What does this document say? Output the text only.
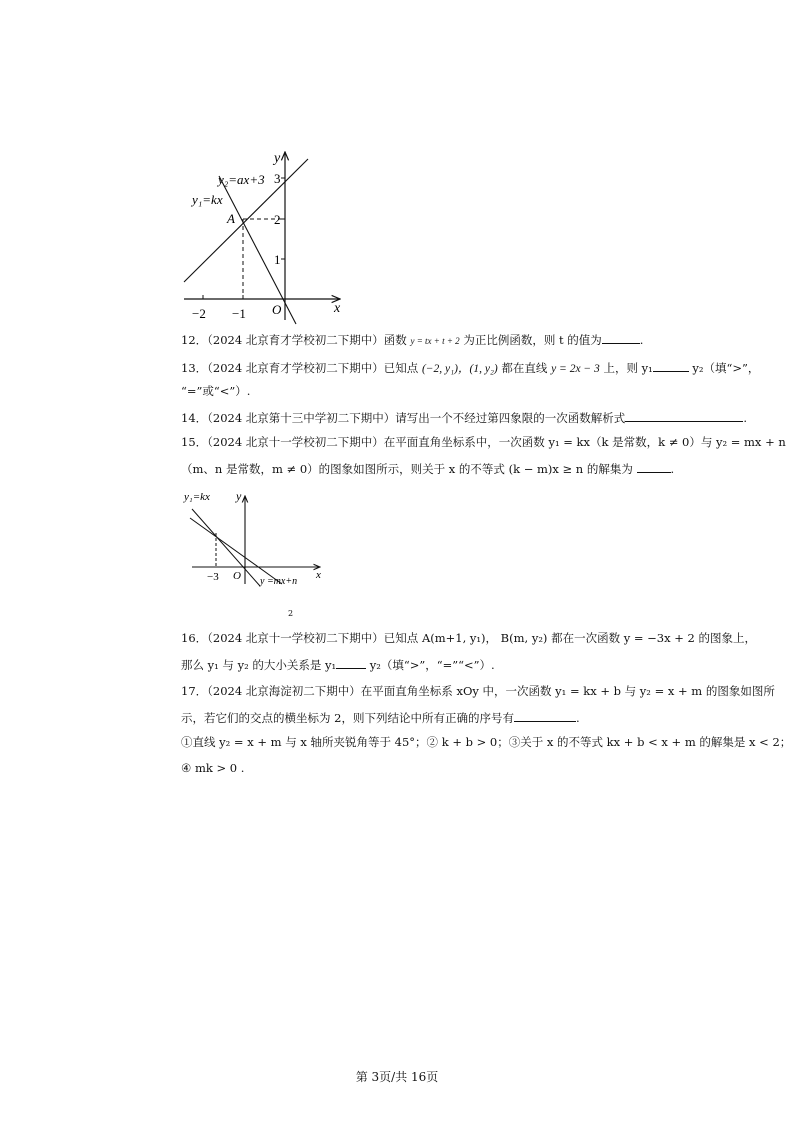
x
y
O
−2 −1
3
2
1
y₂=ax+3
y₁=kx
A
12．（2024 北京育才学校初二下期中）函数 y = tx + t + 2 为正比例函数，则 t 的值为	.
13．（2024 北京育才学校初二下期中）已知点 (−2, y₁)，(1, y₂) 都在直线 y = 2x − 3 上，则 y₁	y₂（填“>”，
“=”或“<”）.
14．（2024 北京第十三中学初二下期中）请写出一个不经过第四象限的一次函数解析式	.
15．（2024 北京十一学校初二下期中）在平面直角坐标系中，一次函数 y₁ = kx（k 是常数，k ≠ 0）与 y₂ = mx + n
（m、n 是常数，m ≠ 0）的图象如图所示，则关于 x 的不等式 (k − m)x ≥ n 的解集为	.
y₁=kx y
x
O
−3	y =mx+n
2
16．（2024 北京十一学校初二下期中）已知点 A(m+1, y₁)， B(m, y₂) 都在一次函数 y = −3x + 2 的图象上，
那么 y₁ 与 y₂ 的大小关系是 y₁	y₂（填“>”，“=”“<”）.
17．（2024 北京海淀初二下期中）在平面直角坐标系 xOy 中，一次函数 y₁ = kx + b 与 y₂ = x + m 的图象如图所
示，若它们的交点的横坐标为 2，则下列结论中所有正确的序号有	.
①直线 y₂ = x + m 与 x 轴所夹锐角等于 45°；② k + b > 0；③关于 x 的不等式 kx + b < x + m 的解集是 x < 2；
④ mk > 0 .
第 3页/共 16页
